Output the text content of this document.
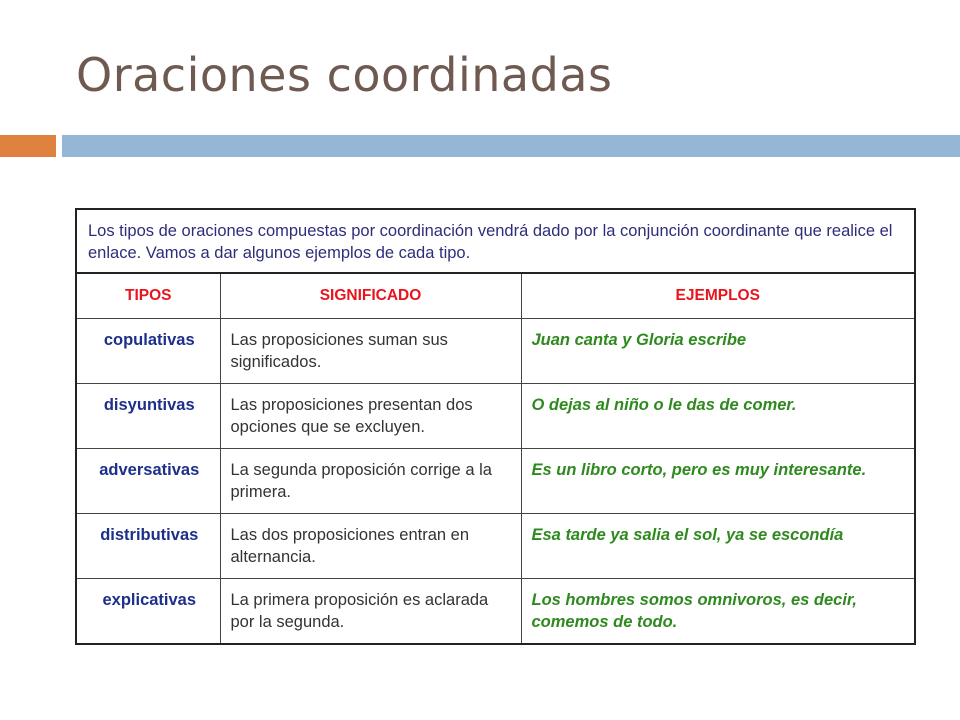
Oraciones coordinadas
Los tipos de oraciones compuestas por coordinación vendrá dado por la conjunción coordinante que realice el enlace. Vamos a dar algunos ejemplos de cada tipo.
TIPOS	SIGNIFICADO	EJEMPLOS
copulativas	Las proposiciones suman sus significados.	Juan canta y Gloria escribe
disyuntivas	Las proposiciones presentan dos opciones que se excluyen.	O dejas al niño o le das de comer.
adversativas	La segunda proposición corrige a la primera.	Es un libro corto, pero es muy interesante.
distributivas	Las dos proposiciones entran en alternancia.	Esa tarde ya salia el sol, ya se escondía
explicativas	La primera proposición es aclarada por la segunda.	Los hombres somos omnivoros, es decir, comemos de todo.
